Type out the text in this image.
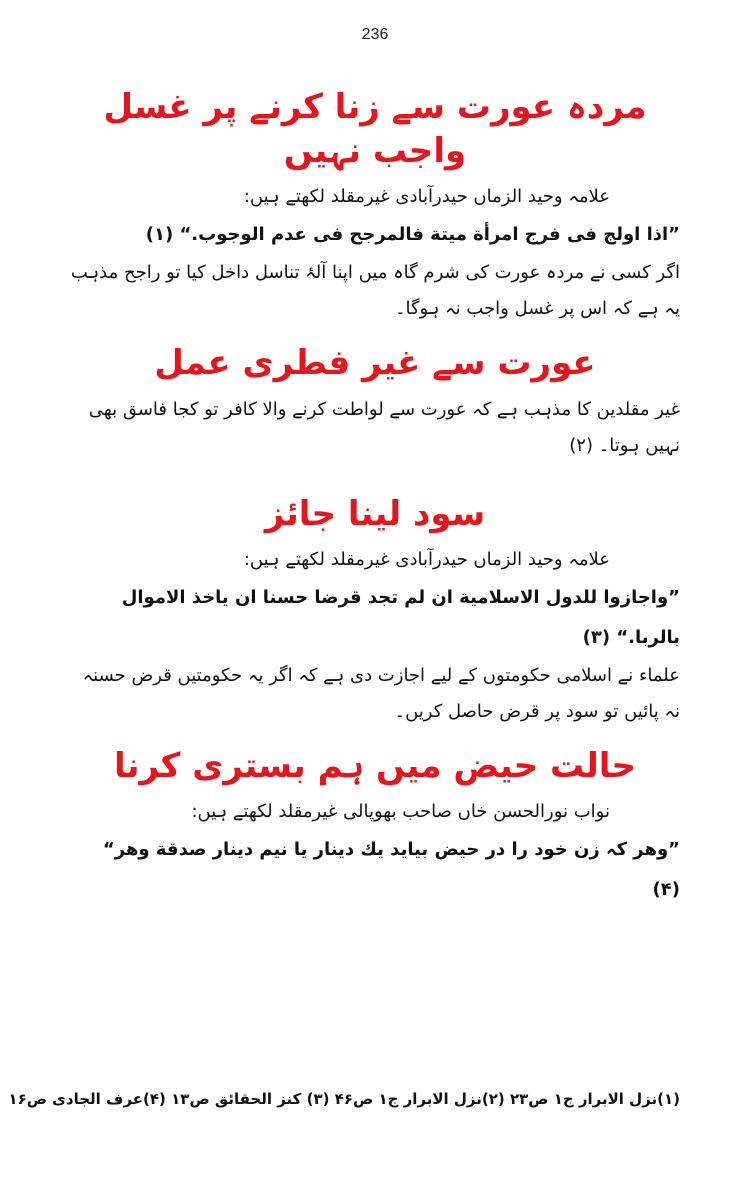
236
مردہ عورت سے زنا کرنے پر غسل واجب نہیں

علامہ وحید الزماں حیدرآبادی غیرمقلد لکھتے ہیں:

”اذا اولج فی فرج امرأة میتة فالمرجح فی عدم الوجوب.“ (۱)

اگر کسی نے مردہ عورت کی شرم گاہ میں اپنا آلۂ تناسل داخل کیا تو راجح مذہب یہ ہے کہ اس پر غسل واجب نہ ہوگا۔

عورت سے غیر فطری عمل

غیر مقلدین کا مذہب ہے کہ عورت سے لواطت کرنے والا کافر تو کجا فاسق بھی نہیں ہوتا۔ (۲)

سود لینا جائز

علامہ وحید الزماں حیدرآبادی غیرمقلد لکھتے ہیں:

”واجازوا للدول الاسلامیة ان لم تجد قرضا حسنا ان یاخذ الاموال بالربا.“ (۳)

علماء نے اسلامی حکومتوں کے لیے اجازت دی ہے کہ اگر یہ حکومتیں قرض حسنہ نہ پائیں تو سود پر قرض حاصل کریں۔

حالت حیض میں ہم بستری کرنا

نواب نورالحسن خاں صاحب بھوپالی غیرمقلد لکھتے ہیں:

”وھر کہ زن خود را در حیض بیاید یك دینار یا نیم دینار صدقة وھر“ (۴)

(۱)نزل الابرار ج۱ ص۲۳ (۲)نزل الابرار ج۱ ص۴۶ (۳) کنز الحقائق ص۱۳ (۴)عرف الجادی ص۱۶
